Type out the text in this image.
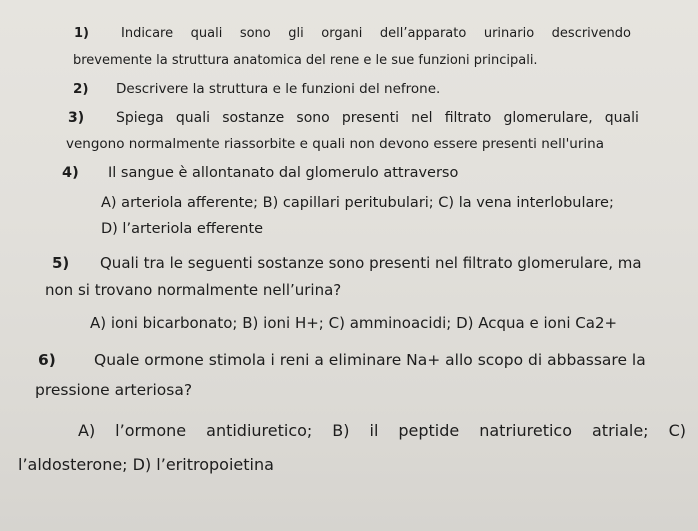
1) Indicare quali sono gli organi dell’apparato urinario descrivendo
brevemente la struttura anatomica del rene e le sue funzioni principali.
2) Descrivere la struttura e le funzioni del nefrone.
3) Spiega quali sostanze sono presenti nel filtrato glomerulare, quali
vengono normalmente riassorbite e quali non devono essere presenti nell'urina
4) Il sangue è allontanato dal glomerulo attraverso
A) arteriola afferente; B) capillari peritubulari; C) la vena interlobulare;
D) l’arteriola efferente
5) Quali tra le seguenti sostanze sono presenti nel filtrato glomerulare, ma
non si trovano normalmente nell’urina?
A) ioni bicarbonato; B) ioni H+; C) amminoacidi; D) Acqua e ioni Ca2+
6) Quale ormone stimola i reni a eliminare Na+ allo scopo di abbassare la
pressione arteriosa?
A) l’ormone antidiuretico; B) il peptide natriuretico atriale; C)
l’aldosterone; D) l’eritropoietina
